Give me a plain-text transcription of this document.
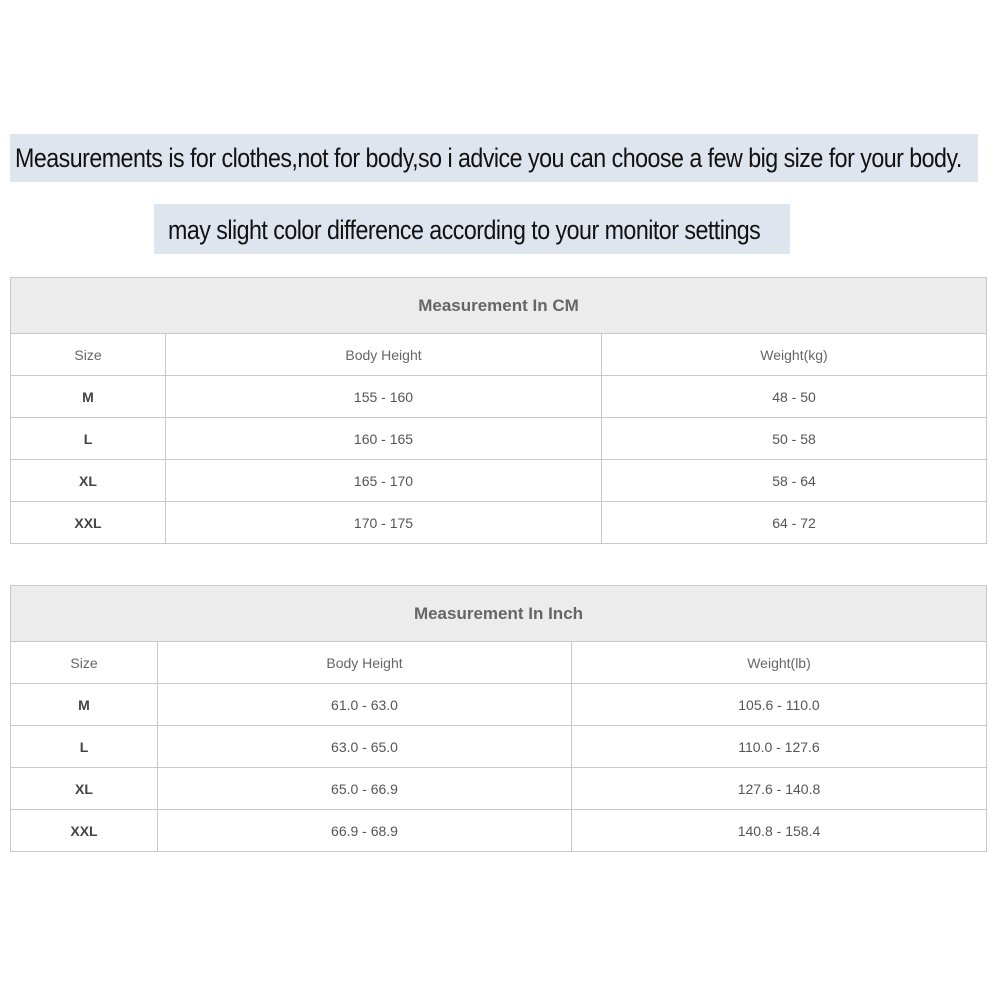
Measurements is for clothes,not for body,so i advice you can choose a few big size for your body.
may slight color difference according to your monitor settings
Measurement In CM		
Size	Body Height	Weight(kg)
M	155 - 160	48 - 50
L	160 - 165	50 - 58
XL	165 - 170	58 - 64
XXL	170 - 175	64 - 72
Measurement In Inch		
Size	Body Height	Weight(lb)
M	61.0 - 63.0	105.6 - 110.0
L	63.0 - 65.0	110.0 - 127.6
XL	65.0 - 66.9	127.6 - 140.8
XXL	66.9 - 68.9	140.8 - 158.4
